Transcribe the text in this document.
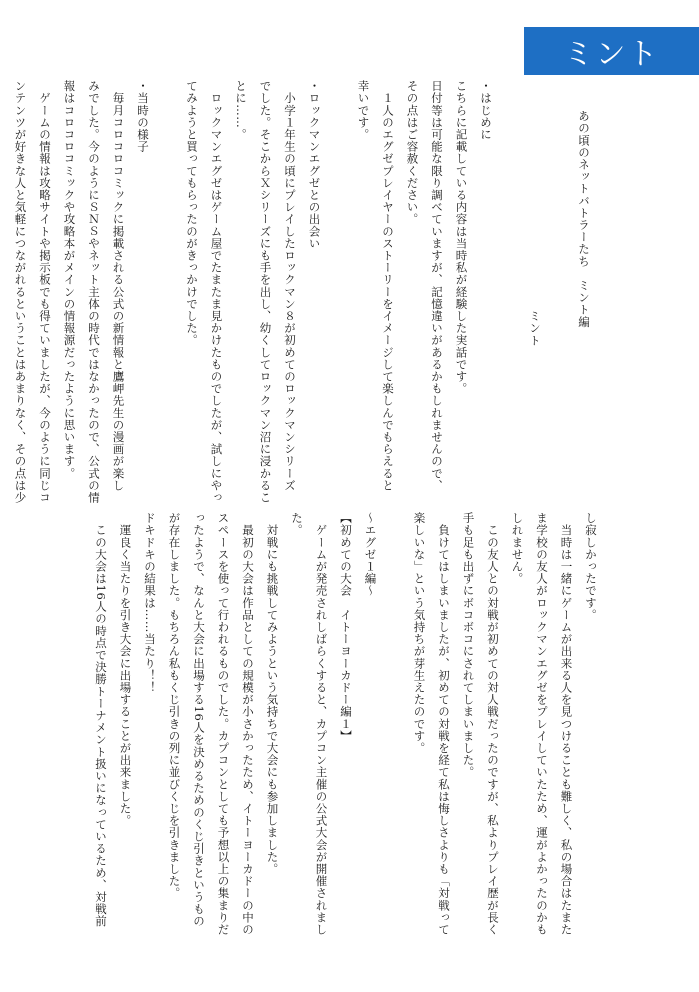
ミント
あの頃のネットバトラーたち　ミント編
ミント
・はじめに
こちらに記載している内容は当時私が経験した実話です。
日付等は可能な限り調べていますが、記憶違いがあるかもしれませんので、
その点はご容赦ください。
　１人のエグゼプレイヤーのストーリーをイメージして楽しんでもらえると
幸いです。
・ロックマンエグゼとの出会い
　小学１年生の頃にプレイしたロックマン８が初めてのロックマンシリーズ
でした。そこからＸシリーズにも手を出し、幼くしてロックマン沼に浸かるこ
とに……。
　ロックマンエグゼはゲーム屋でたまたま見かけたものでしたが、試しにやっ
てみようと買ってもらったのがきっかけでした。
・当時の様子
　毎月コロコロコミックに掲載される公式の新情報と鷹岬先生の漫画が楽し
みでした。今のようにＳＮＳやネット主体の時代ではなかったので、公式の情
報はコロコロコミックや攻略本がメインの情報源だったように思います。
　ゲームの情報は攻略サイトや掲示板でも得ていましたが、今のように同じコ
ンテンツが好きな人と気軽につながれるということはあまりなく、その点は少
し寂しかったです。
　当時は一緒にゲームが出来る人を見つけることも難しく、私の場合はたまた
ま学校の友人がロックマンエグゼをプレイしていたため、運がよかったのかも
しれません。
　この友人との対戦が初めての対人戦だったのですが、私よりプレイ歴が長く
手も足も出ずにボコボコにされてしまいました。
　負けてはしまいましたが、初めての対戦を経て私は悔しさよりも「対戦って
楽しいな」という気持ちが芽生えたのです。
～エグゼ１編～
【初めての大会　イトーヨーカドー編１】
　ゲームが発売されしばらくすると、カプコン主催の公式大会が開催されまし
た。
　対戦にも挑戦してみようという気持ちで大会にも参加しました。
　最初の大会は作品としての規模が小さかったため、イトーヨーカドーの中の
スペースを使って行われるものでした。カプコンとしても予想以上の集まりだ
ったようで、なんと大会に出場する16人を決めるためのくじ引きというもの
が存在しました。もちろん私もくじ引きの列に並びくじを引きました。
ドキドキの結果は……当たり！！
　運良く当たりを引き大会に出場することが出来ました。
　この大会は16人の時点で決勝トーナメント扱いになっているため、対戦前
